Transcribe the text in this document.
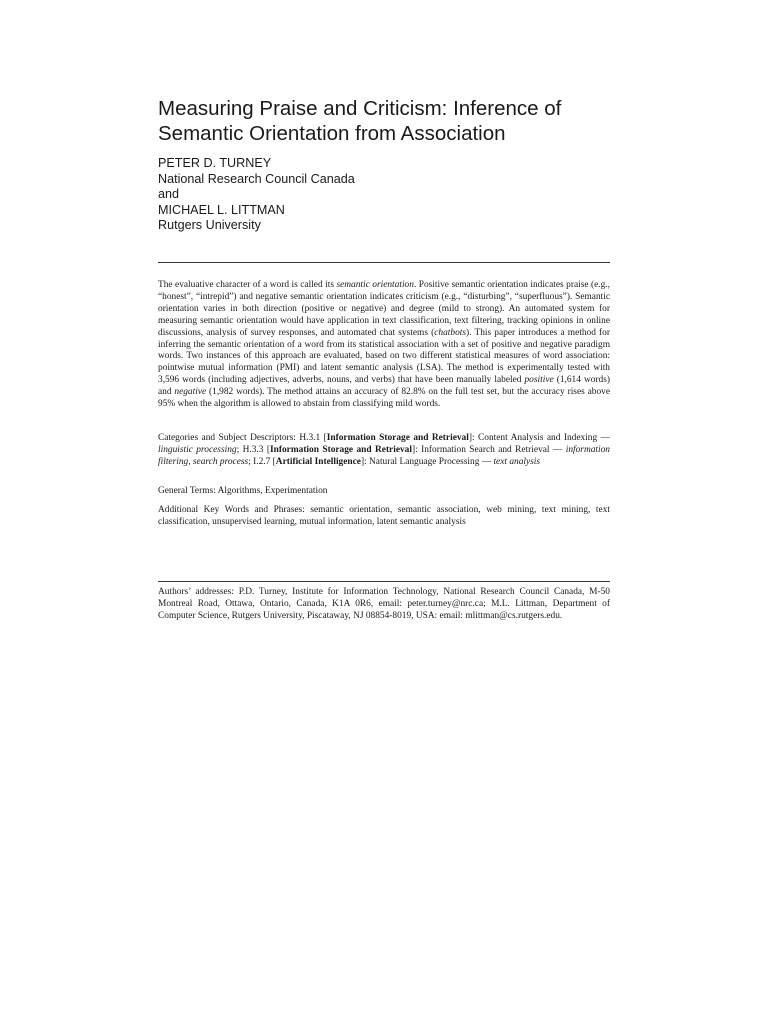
Measuring Praise and Criticism: Inference of Semantic Orientation from Association
PETER D. TURNEY
National Research Council Canada
and
MICHAEL L. LITTMAN
Rutgers University

The evaluative character of a word is called its semantic orientation. Positive semantic orientation indicates praise (e.g., “honest”, “intrepid”) and negative semantic orientation indicates criticism (e.g., “disturbing”, “superfluous”). Semantic orientation varies in both direction (positive or negative) and degree (mild to strong). An automated system for measuring semantic orientation would have application in text classification, text filtering, tracking opinions in online discussions, analysis of survey responses, and automated chat systems (chatbots). This paper introduces a method for inferring the semantic orientation of a word from its statistical association with a set of positive and negative paradigm words. Two instances of this approach are evaluated, based on two different statistical measures of word association: pointwise mutual information (PMI) and latent semantic analysis (LSA). The method is experimentally tested with 3,596 words (including adjectives, adverbs, nouns, and verbs) that have been manually labeled positive (1,614 words) and negative (1,982 words). The method attains an accuracy of 82.8% on the full test set, but the accuracy rises above 95% when the algorithm is allowed to abstain from classifying mild words.

Categories and Subject Descriptors: H.3.1 [Information Storage and Retrieval]: Content Analysis and Indexing — linguistic processing; H.3.3 [Information Storage and Retrieval]: Information Search and Retrieval — information filtering, search process; I.2.7 [Artificial Intelligence]: Natural Language Processing — text analysis

General Terms: Algorithms, Experimentation
Additional Key Words and Phrases: semantic orientation, semantic association, web mining, text mining, text classification, unsupervised learning, mutual information, latent semantic analysis
Authors’ addresses: P.D. Turney, Institute for Information Technology, National Research Council Canada, M-50 Montreal Road, Ottawa, Ontario, Canada, K1A 0R6, email: peter.turney@nrc.ca; M.L. Littman, Department of Computer Science, Rutgers University, Piscataway, NJ 08854-8019, USA: email: mlittman@cs.rutgers.edu.
